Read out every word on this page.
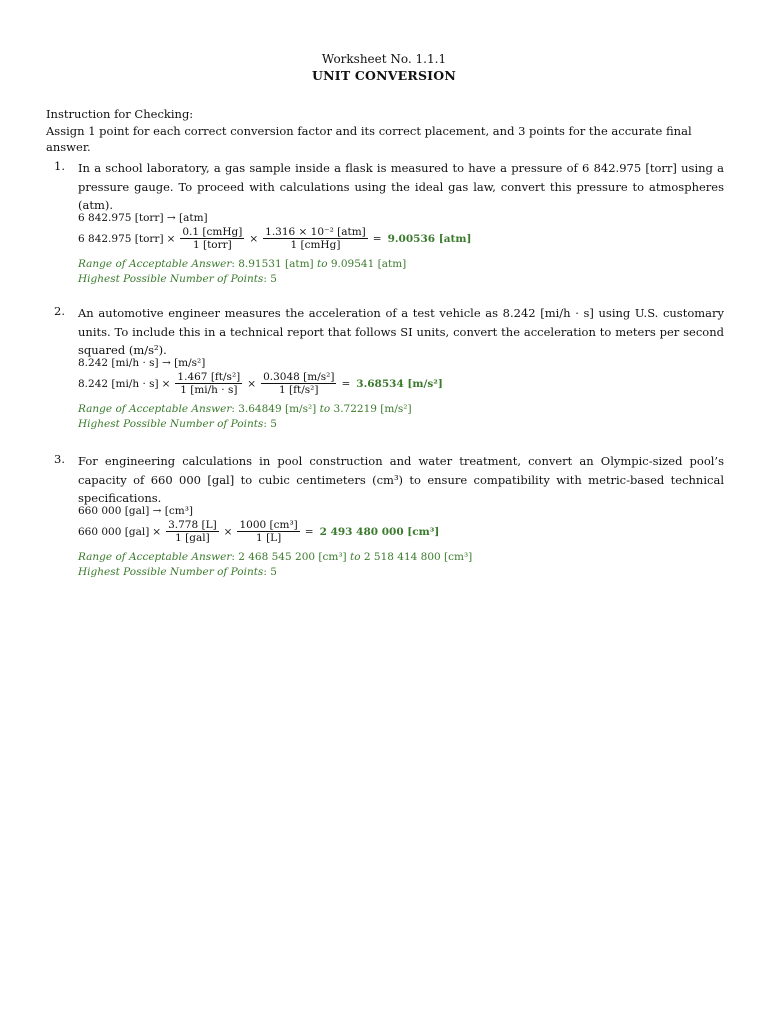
Worksheet No. 1.1.1
UNIT CONVERSION
Instruction for Checking:
Assign 1 point for each correct conversion factor and its correct placement, and 3 points for the accurate final answer.
1. In a school laboratory, a gas sample inside a flask is measured to have a pressure of 6 842.975 [torr] using a pressure gauge. To proceed with calculations using the ideal gas law, convert this pressure to atmospheres (atm).
6 842.975 [torr] → [atm]
6 842.975 [torr] × $\frac{\text{0.1 [cmHg]}}{\text{1 [torr]}} \times \frac{\text{1.316 × 10⁻² [atm]}}{\text{1 [cmHg]}} = 9.00536$ [atm]
Range of Acceptable Answer: 8.91531 [atm] to 9.09541 [atm]
Highest Possible Number of Points: 5
2. An automotive engineer measures the acceleration of a test vehicle as 8.242 [mi/h · s] using U.S. customary units. To include this in a technical report that follows SI units, convert the acceleration to meters per second squared (m/s²).
8.242 [mi/h · s] → [m/s²]
8.242 $[mi/h \cdot s] \times \frac{\text{1.467 [ft/s²]}}{1 [mi/h \cdot s]} \times \frac{\text{0.3048 [m/s²]}}{\text{1 [ft/s²]}} = 3.68534$ [m/s²]
Range of Acceptable Answer: 3.64849 [m/s²] to 3.72219 [m/s²]
Highest Possible Number of Points: 5
3. For engineering calculations in pool construction and water treatment, convert an Olympic-sized pool’s capacity of 660 000 [gal] to cubic centimeters (cm³) to ensure compatibility with metric-based technical specifications.
660 000 [gal] → [cm³]
660 000 $[gal] \times \frac{3.778 [L]}{\text{1 [gal]}} \times \frac{\text{1000 [cm³]}}{1 [L]} = 2$ 493 480 000 [cm³]
Range of Acceptable Answer: 2 468 545 200 [cm³] to 2 518 414 800 [cm³]
Highest Possible Number of Points: 5
